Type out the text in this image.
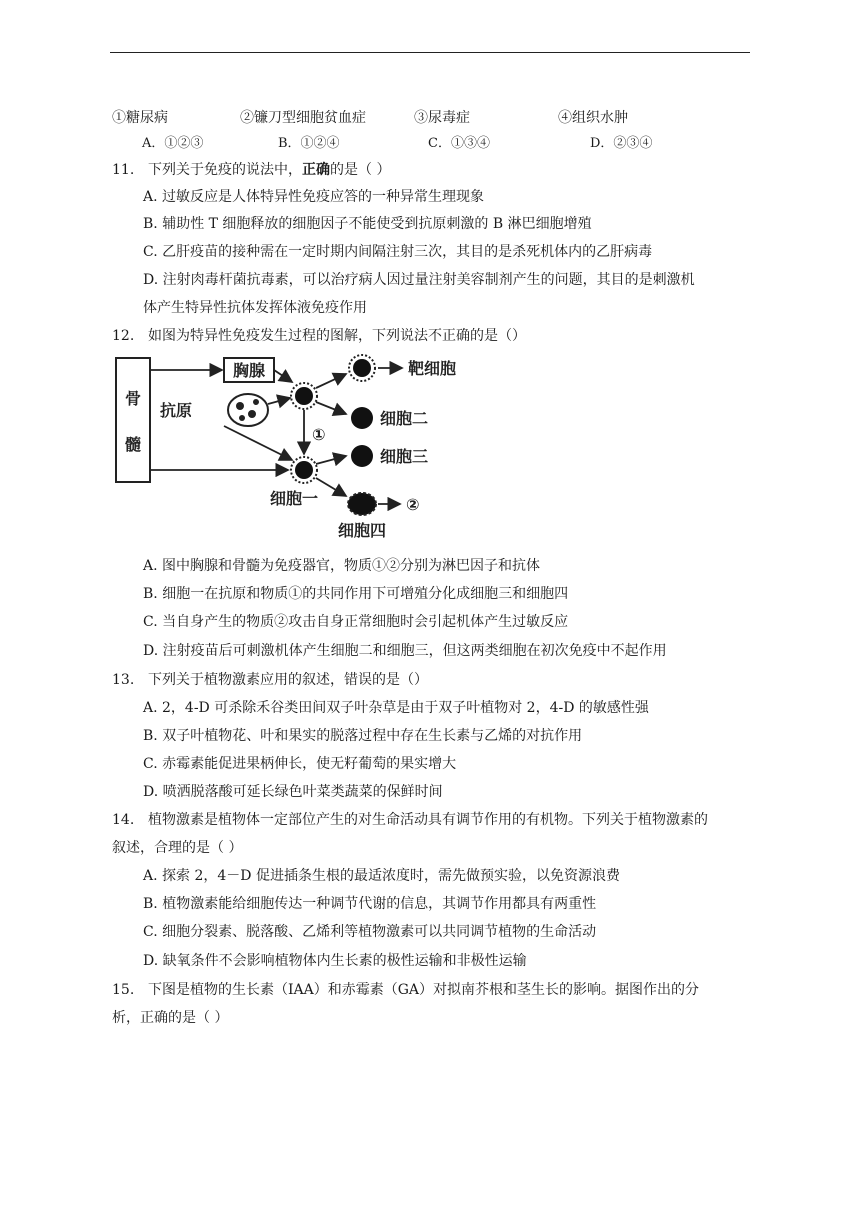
①糖尿病	②镰刀型细胞贫血症	③尿毒症	④组织水肿
A．①②③	B．①②④	C．①③④	D．②③④
11. 下列关于免疫的说法中，正确的是（ ）
A. 过敏反应是人体特异性免疫应答的一种异常生理现象
B. 辅助性 T 细胞释放的细胞因子不能使受到抗原刺激的 B 淋巴细胞增殖
C. 乙肝疫苗的接种需在一定时期内间隔注射三次，其目的是杀死机体内的乙肝病毒
D. 注射肉毒杆菌抗毒素，可以治疗病人因过量注射美容制剂产生的问题，其目的是刺激机
体产生特异性抗体发挥体液免疫作用
12. 如图为特异性免疫发生过程的图解，下列说法不正确的是（）
骨
髓
胸腺
抗原
①
靶细胞
细胞二
细胞一
细胞三
②
细胞四
A. 图中胸腺和骨髓为免疫器官，物质①②分别为淋巴因子和抗体
B. 细胞一在抗原和物质①的共同作用下可增殖分化成细胞三和细胞四
C. 当自身产生的物质②攻击自身正常细胞时会引起机体产生过敏反应
D. 注射疫苗后可刺激机体产生细胞二和细胞三，但这两类细胞在初次免疫中不起作用
13. 下列关于植物激素应用的叙述，错误的是（）
A. 2，4-D 可杀除禾谷类田间双子叶杂草是由于双子叶植物对 2，4-D 的敏感性强
B. 双子叶植物花、叶和果实的脱落过程中存在生长素与乙烯的对抗作用
C. 赤霉素能促进果柄伸长，使无籽葡萄的果实增大
D. 喷洒脱落酸可延长绿色叶菜类蔬菜的保鲜时间
14. 植物激素是植物体一定部位产生的对生命活动具有调节作用的有机物。下列关于植物激素的
叙述，合理的是（ ）
A. 探索 2，4－D 促进插条生根的最适浓度时，需先做预实验，以免资源浪费
B. 植物激素能给细胞传达一种调节代谢的信息，其调节作用都具有两重性
C. 细胞分裂素、脱落酸、乙烯利等植物激素可以共同调节植物的生命活动
D. 缺氧条件不会影响植物体内生长素的极性运输和非极性运输
15. 下图是植物的生长素（IAA）和赤霉素（GA）对拟南芥根和茎生长的影响。据图作出的分
析，正确的是（ ）
